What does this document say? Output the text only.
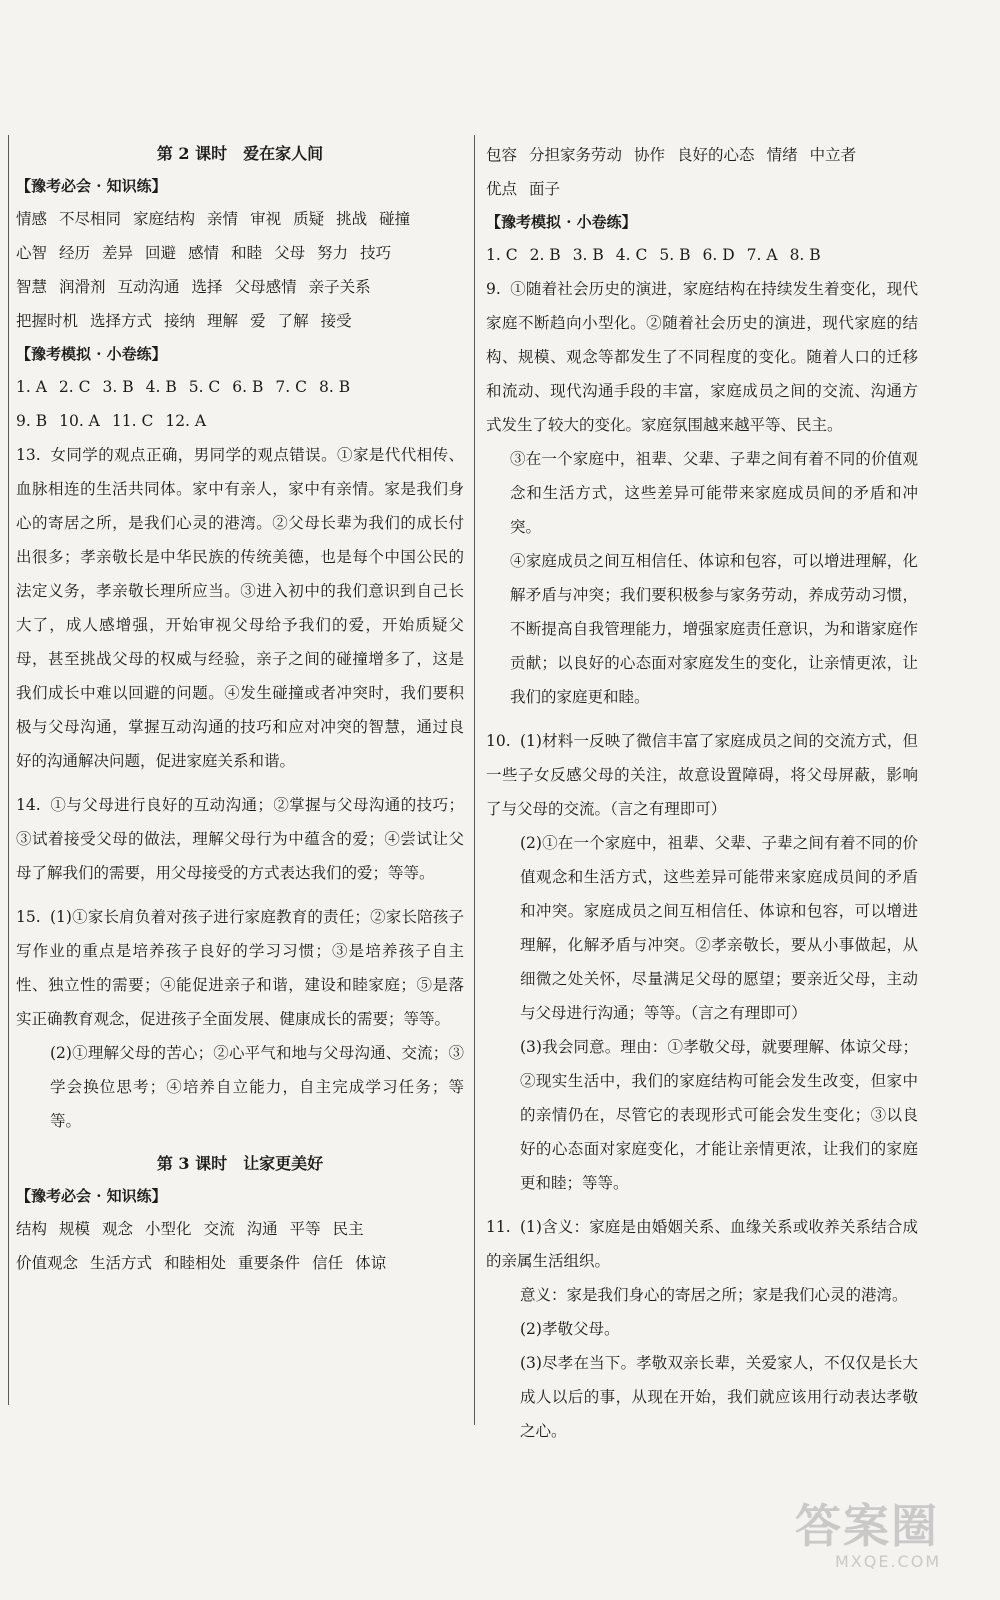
第 2 课时　爱在家人间
【豫考必会 · 知识练】
情感 不尽相同 家庭结构 亲情 审视 质疑 挑战 碰撞
心智 经历 差异 回避 感情 和睦 父母 努力 技巧
智慧 润滑剂 互动沟通 选择 父母感情 亲子关系
把握时机 选择方式 接纳 理解 爱 了解 接受
【豫考模拟 · 小卷练】
1. A 2. C 3. B 4. B 5. C 6. B 7. C 8. B
9. B 10. A 11. C 12. A
13. 女同学的观点正确，男同学的观点错误。①家是代代相传、血脉相连的生活共同体。家中有亲人，家中有亲情。家是我们身心的寄居之所，是我们心灵的港湾。②父母长辈为我们的成长付出很多；孝亲敬长是中华民族的传统美德，也是每个中国公民的法定义务，孝亲敬长理所应当。③进入初中的我们意识到自己长大了，成人感增强，开始审视父母给予我们的爱，开始质疑父母，甚至挑战父母的权威与经验，亲子之间的碰撞增多了，这是我们成长中难以回避的问题。④发生碰撞或者冲突时，我们要积极与父母沟通，掌握互动沟通的技巧和应对冲突的智慧，通过良好的沟通解决问题，促进家庭关系和谐。
14. ①与父母进行良好的互动沟通；②掌握与父母沟通的技巧；③试着接受父母的做法，理解父母行为中蕴含的爱；④尝试让父母了解我们的需要，用父母接受的方式表达我们的爱；等等。
15. (1)①家长肩负着对孩子进行家庭教育的责任；②家长陪孩子写作业的重点是培养孩子良好的学习习惯；③是培养孩子自主性、独立性的需要；④能促进亲子和谐，建设和睦家庭；⑤是落实正确教育观念，促进孩子全面发展、健康成长的需要；等等。
(2)①理解父母的苦心；②心平气和地与父母沟通、交流；③学会换位思考；④培养自立能力，自主完成学习任务；等等。
第 3 课时　让家更美好
【豫考必会 · 知识练】
结构 规模 观念 小型化 交流 沟通 平等 民主
价值观念 生活方式 和睦相处 重要条件 信任 体谅
包容 分担家务劳动 协作 良好的心态 情绪 中立者
优点 面子
【豫考模拟 · 小卷练】
1. C 2. B 3. B 4. C 5. B 6. D 7. A 8. B
9. ①随着社会历史的演进，家庭结构在持续发生着变化，现代家庭不断趋向小型化。②随着社会历史的演进，现代家庭的结构、规模、观念等都发生了不同程度的变化。随着人口的迁移和流动、现代沟通手段的丰富，家庭成员之间的交流、沟通方式发生了较大的变化。家庭氛围越来越平等、民主。
③在一个家庭中，祖辈、父辈、子辈之间有着不同的价值观念和生活方式，这些差异可能带来家庭成员间的矛盾和冲突。
④家庭成员之间互相信任、体谅和包容，可以增进理解，化解矛盾与冲突；我们要积极参与家务劳动，养成劳动习惯，不断提高自我管理能力，增强家庭责任意识，为和谐家庭作贡献；以良好的心态面对家庭发生的变化，让亲情更浓，让我们的家庭更和睦。
10. (1)材料一反映了微信丰富了家庭成员之间的交流方式，但一些子女反感父母的关注，故意设置障碍，将父母屏蔽，影响了与父母的交流。（言之有理即可）
(2)①在一个家庭中，祖辈、父辈、子辈之间有着不同的价值观念和生活方式，这些差异可能带来家庭成员间的矛盾和冲突。家庭成员之间互相信任、体谅和包容，可以增进理解，化解矛盾与冲突。②孝亲敬长，要从小事做起，从细微之处关怀，尽量满足父母的愿望；要亲近父母，主动与父母进行沟通；等等。（言之有理即可）
(3)我会同意。理由：①孝敬父母，就要理解、体谅父母；②现实生活中，我们的家庭结构可能会发生改变，但家中的亲情仍在，尽管它的表现形式可能会发生变化；③以良好的心态面对家庭变化，才能让亲情更浓，让我们的家庭更和睦；等等。
11. (1)含义：家庭是由婚姻关系、血缘关系或收养关系结合成的亲属生活组织。
意义：家是我们身心的寄居之所；家是我们心灵的港湾。
(2)孝敬父母。
(3)尽孝在当下。孝敬双亲长辈，关爱家人，不仅仅是长大成人以后的事，从现在开始，我们就应该用行动表达孝敬之心。
答案圈
MXQE.COM
